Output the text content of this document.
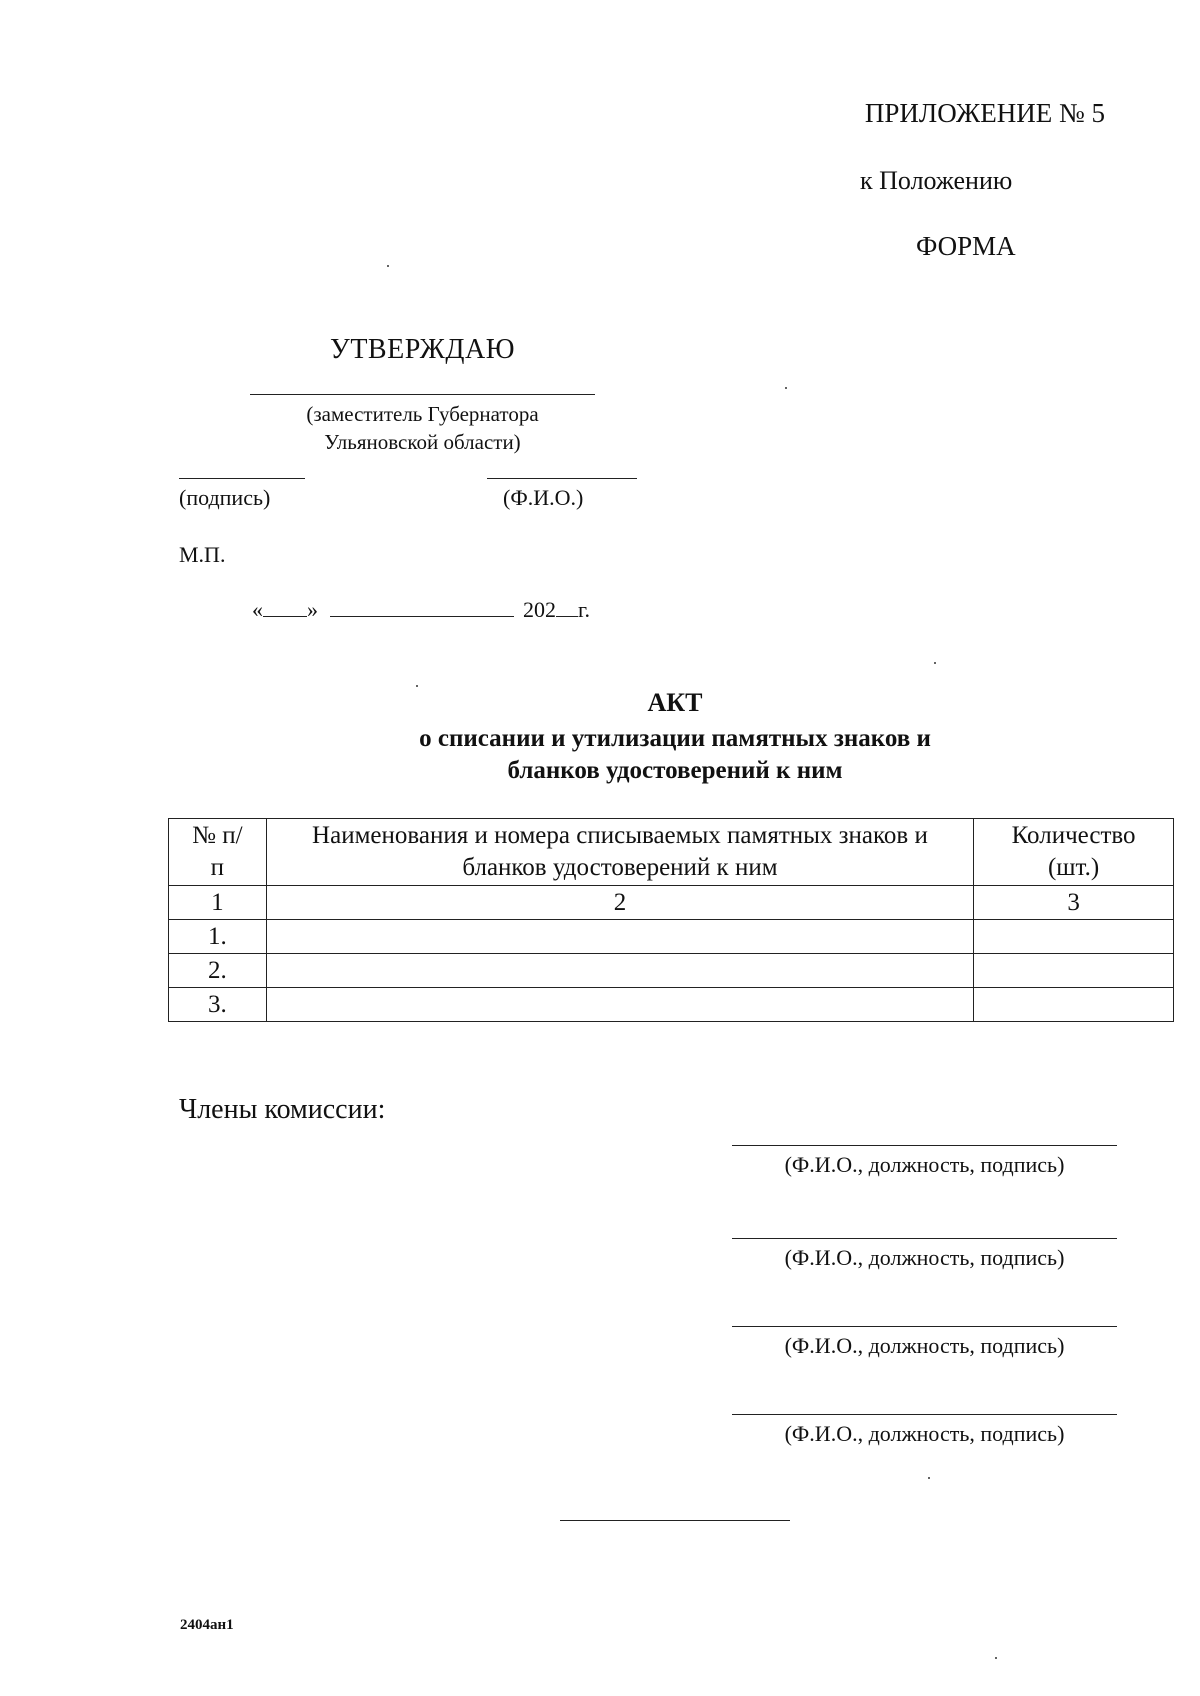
ПРИЛОЖЕНИЕ № 5
к Положению
ФОРМА
УТВЕРЖДАЮ
(заместитель Губернатора Ульяновской области)
(подпись)	(Ф.И.О.)
М.П.
« »	202 г.
АКТ
о списании и утилизации памятных знаков и бланков удостоверений к ним
№ п/п	Наименования и номера списываемых памятных знаков и бланков удостоверений к ним	Количество (шт.)
1	2	3
1.		
2.		
3.		
Члены комиссии:
(Ф.И.О., должность, подпись)
(Ф.И.О., должность, подпись)
(Ф.И.О., должность, подпись)
(Ф.И.О., должность, подпись)
2404ан1
